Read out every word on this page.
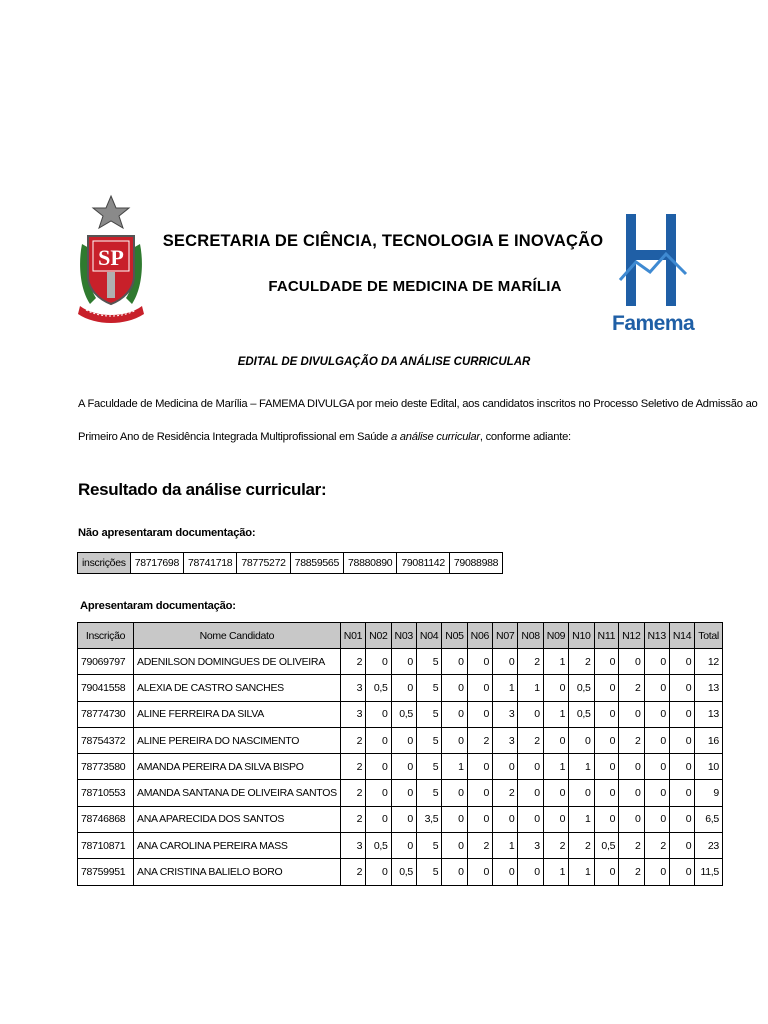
SP
SECRETARIA DE CIÊNCIA, TECNOLOGIA E INOVAÇÃO
FACULDADE DE MEDICINA DE MARÍLIA
Famema
EDITAL DE DIVULGAÇÃO DA ANÁLISE CURRICULAR
A Faculdade de Medicina de Marília – FAMEMA DIVULGA por meio deste Edital, aos candidatos inscritos no Processo Seletivo de Admissão ao
Primeiro Ano de Residência Integrada Multiprofissional em Saúde a análise curricular, conforme adiante:
Resultado da análise curricular:
Não apresentaram documentação:
inscrições	78717698	78741718	78775272	78859565	78880890	79081142	79088988
Apresentaram documentação:
Inscrição	Nome Candidato	N01	N02	N03	N04	N05	N06	N07	N08	N09	N10	N11	N12	N13	N14	Total
79069797	ADENILSON DOMINGUES DE OLIVEIRA	2	0	0	5	0	0	0	2	1	2	0	0	0	0	12
79041558	ALEXIA DE CASTRO SANCHES	3	0,5	0	5	0	0	1	1	0	0,5	0	2	0	0	13
78774730	ALINE FERREIRA DA SILVA	3	0	0,5	5	0	0	3	0	1	0,5	0	0	0	0	13
78754372	ALINE PEREIRA DO NASCIMENTO	2	0	0	5	0	2	3	2	0	0	0	2	0	0	16
78773580	AMANDA PEREIRA DA SILVA BISPO	2	0	0	5	1	0	0	0	1	1	0	0	0	0	10
78710553	AMANDA SANTANA DE OLIVEIRA SANTOS	2	0	0	5	0	0	2	0	0	0	0	0	0	0	9
78746868	ANA APARECIDA DOS SANTOS	2	0	0	3,5	0	0	0	0	0	1	0	0	0	0	6,5
78710871	ANA CAROLINA PEREIRA MASS	3	0,5	0	5	0	2	1	3	2	2	0,5	2	2	0	23
78759951	ANA CRISTINA BALIELO BORO	2	0	0,5	5	0	0	0	0	1	1	0	2	0	0	11,5
